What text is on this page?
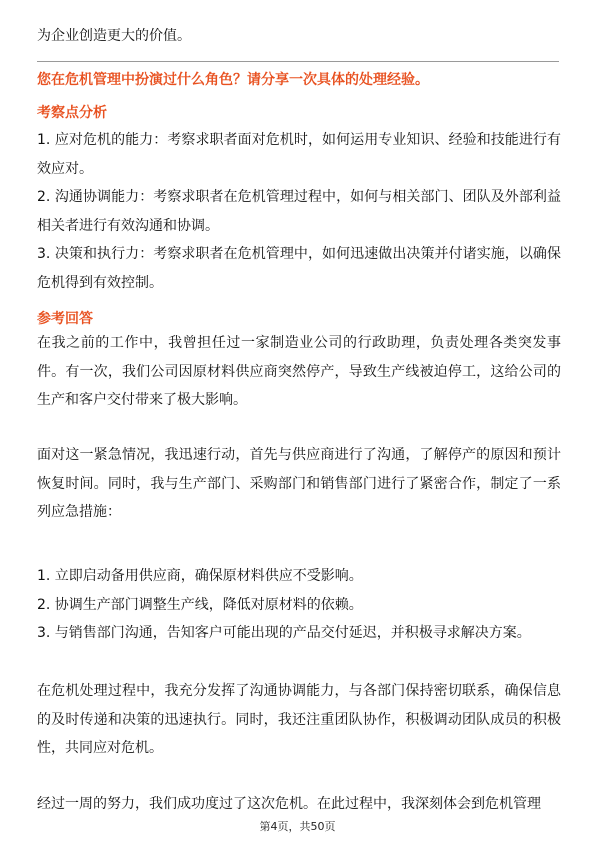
为企业创造更大的价值。

您在危机管理中扮演过什么角色？请分享一次具体的处理经验。

考察点分析

1. 应对危机的能力：考察求职者面对危机时，如何运用专业知识、经验和技能进行有效应对。

2. 沟通协调能力：考察求职者在危机管理过程中，如何与相关部门、团队及外部利益相关者进行有效沟通和协调。

3. 决策和执行力：考察求职者在危机管理中，如何迅速做出决策并付诸实施，以确保危机得到有效控制。

参考回答

在我之前的工作中，我曾担任过一家制造业公司的行政助理，负责处理各类突发事件。有一次，我们公司因原材料供应商突然停产，导致生产线被迫停工，这给公司的生产和客户交付带来了极大影响。

面对这一紧急情况，我迅速行动，首先与供应商进行了沟通，了解停产的原因和预计恢复时间。同时，我与生产部门、采购部门和销售部门进行了紧密合作，制定了一系列应急措施：

1. 立即启动备用供应商，确保原材料供应不受影响。

2. 协调生产部门调整生产线，降低对原材料的依赖。

3. 与销售部门沟通，告知客户可能出现的产品交付延迟，并积极寻求解决方案。

在危机处理过程中，我充分发挥了沟通协调能力，与各部门保持密切联系，确保信息的及时传递和决策的迅速执行。同时，我还注重团队协作，积极调动团队成员的积极性，共同应对危机。

经过一周的努力，我们成功度过了这次危机。在此过程中，我深刻体会到危机管理

第4页，共50页
